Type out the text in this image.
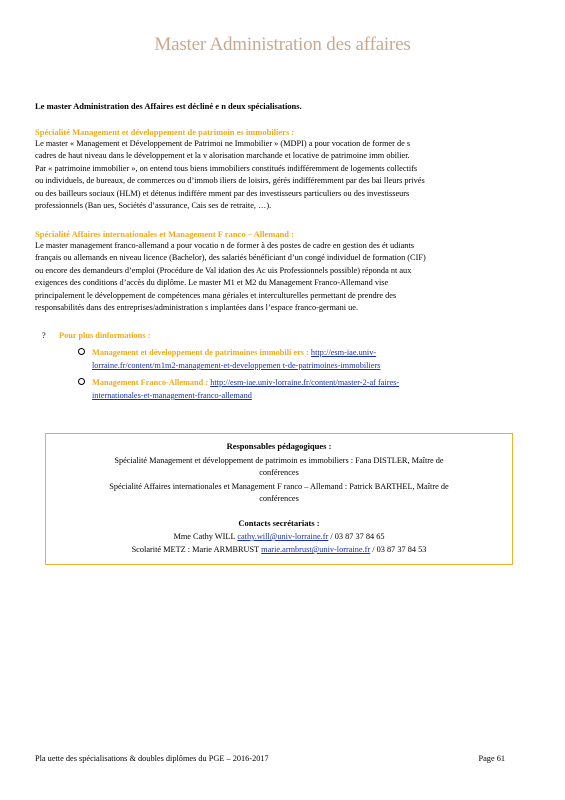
Master Administration des affaires
Le master Administration des Affaires est décliné e n deux spécialisations.
Spécialité Management et développement de patrimoin es immobiliers :
Le master « Management et Développement de Patrimoi ne Immobilier » (MDPI) a pour vocation de former de s
cadres de haut niveau dans le développement et la v alorisation marchande et locative de patrimoine imm obilier.
Par « patrimoine immobilier », on entend tous biens immobiliers constitués indifféremment de logements collectifs
ou individuels, de bureaux, de commerces ou d’immob iliers de loisirs, gérés indifféremment par des bai lleurs privés
ou des bailleurs sociaux (HLM) et détenus indiffére mment par des investisseurs particuliers ou des investisseurs
professionnels (Ban ues, Sociétés d’assurance, Cais ses de retraite, …).
Spécialité Affaires internationales et Management F ranco – Allemand :
Le master management franco-allemand a pour vocatio n de former à des postes de cadre en gestion des ét udiants
français ou allemands en niveau licence (Bachelor), des salariés bénéficiant d’un congé individuel de formation (CIF)
ou encore des demandeurs d’emploi (Procédure de Val idation des Ac uis Professionnels possible) répondа nt aux
exigences des conditions d’accès du diplôme. Le master M1 et M2 du Management Franco-Allemand vise
principalement le développement de compétences mana gériales et interculturelles permettant de prendre des
responsabilités dans des entreprises/administration s implantées dans l’espace franco-germani ue.
? Pour plus dinformations :
Management et développement de patrimoines immobili ers : http://esm-iae.univ-
lorraine.fr/content/m1m2-management-et-developpemen t-de-patrimoines-immobiliers
Management Franco-Allemand : http://esm-iae.univ-lorraine.fr/content/master-2-af faires-
internationales-et-management-franco-allemand
Responsables pédagogiques :
Spécialité Management et développement de patrimoin es immobiliers : Fana DISTLER, Maître de
conférences
Spécialité Affaires internationales et Management F ranco – Allemand : Patrick BARTHEL, Maître de
conférences
Contacts secrétariats :
Mme Cathy WILL cathy.will@univ-lorraine.fr / 03 87 37 84 65
Scolarité METZ : Marie ARMBRUST marie.armbrust@univ-lorraine.fr / 03 87 37 84 53
Pla uette des spécialisations & doubles diplômes du PGE – 2016-2017	Page 61
